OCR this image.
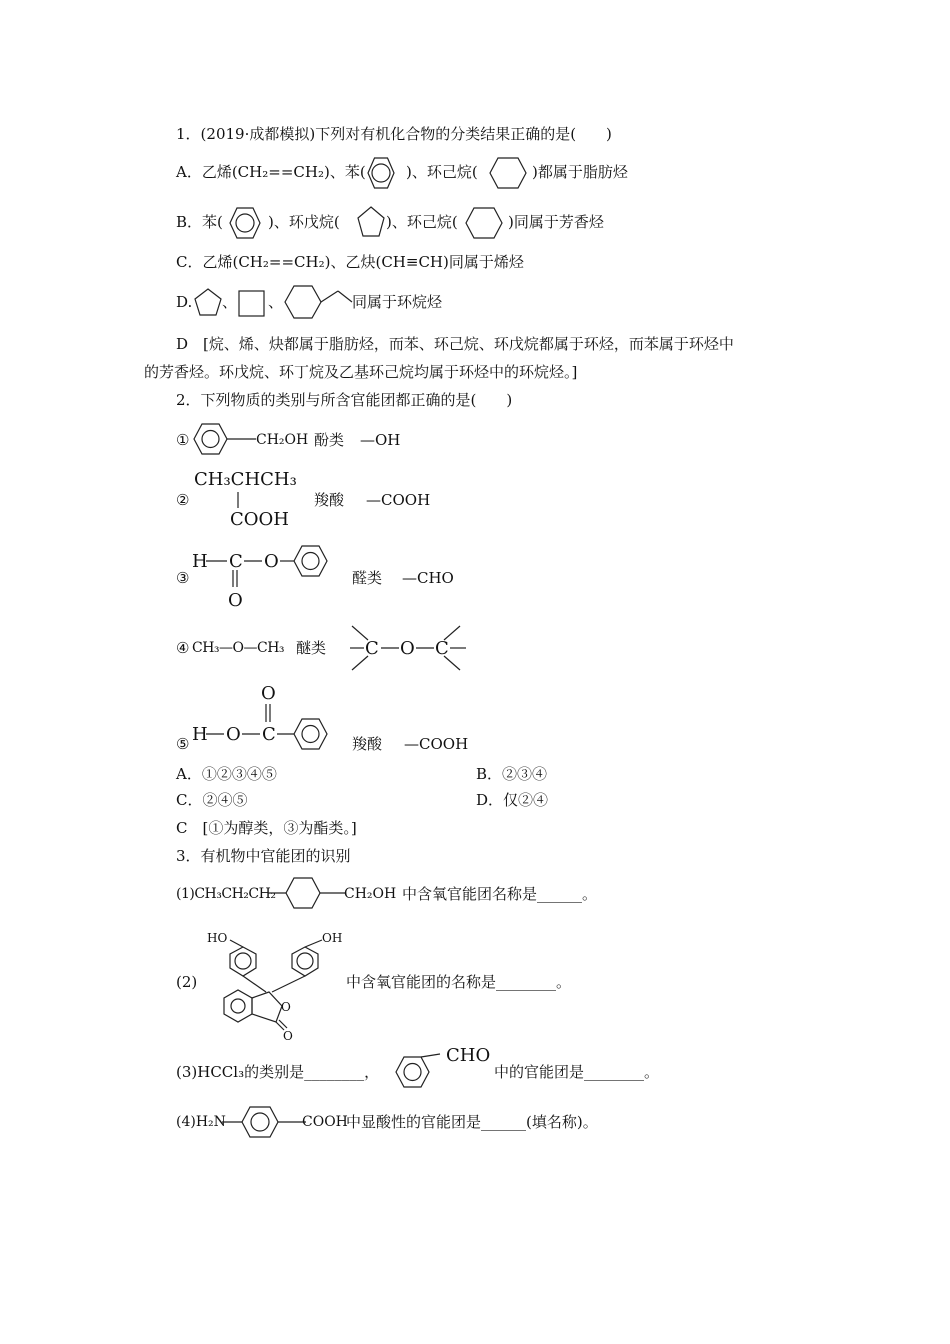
1．(2019·成都模拟)下列对有机化合物的分类结果正确的是(　　)
A．乙烯(CH₂==CH₂)、苯(	)、环己烷(	)都属于脂肪烃
B．苯(	)、环戊烷(	)、环己烷(	)同属于芳香烃
C．乙烯(CH₂==CH₂)、乙炔(CH≡CH)同属于烯烃
D. 、 、	同属于环烷烃
D　[烷、烯、炔都属于脂肪烃，而苯、环己烷、环戊烷都属于环烃，而苯属于环烃中
的芳香烃。环戊烷、环丁烷及乙基环己烷均属于环烃中的环烷烃。]
2．下列物质的类别与所含官能团都正确的是(　　)
①	CH₂OH 酚类 —OH
②
CH₃CHCH₃
COOH
羧酸 —COOH
③
H C O
O
醛类 —CHO
④ CH₃—O—CH₃ 醚类 C O C
⑤ H O C
O
羧酸 —COOH
A．①②③④⑤	B．②③④
C．②④⑤	D．仅②④
C　[①为醇类，③为酯类。]
3．有机物中官能团的识别
(1)CH₃CH₂CH₂	CH₂OH 中含氧官能团名称是______。
(2)
HO	OH
O
O
中含氧官能团的名称是________。
(3)HCCl₃的类别是________，
CHO
中的官能团是________。
(4)H₂N	COOH
中显酸性的官能团是______(填名称)。
